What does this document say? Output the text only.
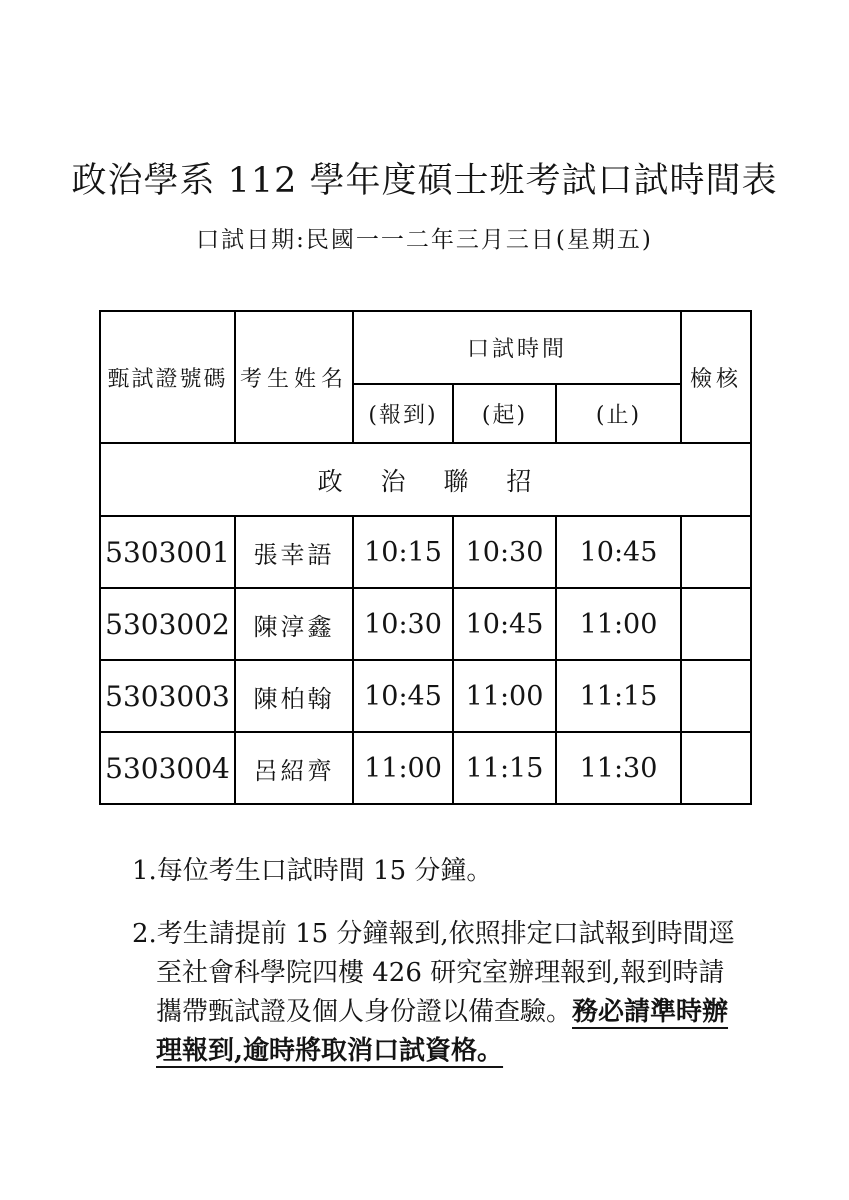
政治學系 112 學年度碩士班考試口試時間表
口試日期:民國一一二年三月三日(星期五)
甄試證號碼	考生姓名	口試時間			檢核
		(報到)	(起)	(止)	
政 治 聯 招					
5303001	張幸語	10:15	10:30	10:45	
5303002	陳淳鑫	10:30	10:45	11:00	
5303003	陳柏翰	10:45	11:00	11:15	
5303004	呂紹齊	11:00	11:15	11:30	
1.每位考生口試時間 15 分鐘。
2.考生請提前 15 分鐘報到,依照排定口試報到時間逕
至社會科學院四樓 426 研究室辦理報到,報到時請
攜帶甄試證及個人身份證以備查驗。務必請準時辦
理報到,逾時將取消口試資格。
